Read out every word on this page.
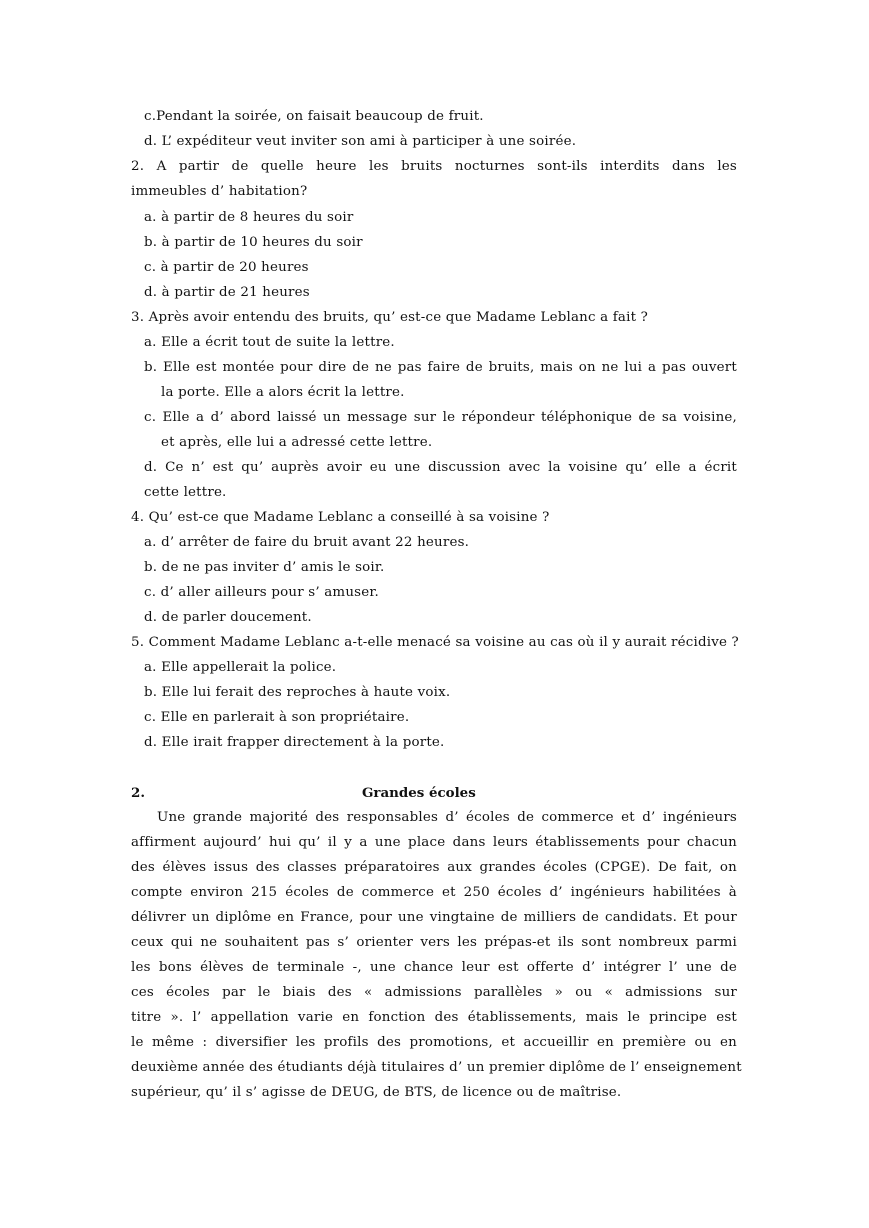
c.Pendant la soirée, on faisait beaucoup de fruit.
d. L’ expéditeur veut inviter son ami à participer à une soirée.
2. A partir de quelle heure les bruits nocturnes sont-ils interdits dans les
immeubles d’ habitation?
a. à partir de 8 heures du soir
b. à partir de 10 heures du soir
c. à partir de 20 heures
d. à partir de 21 heures
3. Après avoir entendu des bruits, qu’ est-ce que Madame Leblanc a fait ?
a. Elle a écrit tout de suite la lettre.
b. Elle est montée pour dire de ne pas faire de bruits, mais on ne lui a pas ouvert
la porte. Elle a alors écrit la lettre.
c. Elle a d’ abord laissé un message sur le répondeur téléphonique de sa voisine,
et après, elle lui a adressé cette lettre.
d. Ce n’ est qu’ auprès avoir eu une discussion avec la voisine qu’ elle a écrit
cette lettre.
4. Qu’ est-ce que Madame Leblanc a conseillé à sa voisine ?
a. d’ arrêter de faire du bruit avant 22 heures.
b. de ne pas inviter d’ amis le soir.
c. d’ aller ailleurs pour s’ amuser.
d. de parler doucement.
5. Comment Madame Leblanc a-t-elle menacé sa voisine au cas où il y aurait récidive ?
a. Elle appellerait la police.
b. Elle lui ferait des reproches à haute voix.
c. Elle en parlerait à son propriétaire.
d. Elle irait frapper directement à la porte.
2.	Grandes écoles
Une grande majorité des responsables d’ écoles de commerce et d’ ingénieurs
affirment aujourd’ hui qu’ il y a une place dans leurs établissements pour chacun
des élèves issus des classes préparatoires aux grandes écoles (CPGE). De fait, on
compte environ 215 écoles de commerce et 250 écoles d’ ingénieurs habilitées à
délivrer un diplôme en France, pour une vingtaine de milliers de candidats. Et pour
ceux qui ne souhaitent pas s’ orienter vers les prépas-et ils sont nombreux parmi
les bons élèves de terminale -, une chance leur est offerte d’ intégrer l’ une de
ces écoles par le biais des « admissions parallèles » ou « admissions sur
titre ». l’ appellation varie en fonction des établissements, mais le principe est
le même : diversifier les profils des promotions, et accueillir en première ou en
deuxième année des étudiants déjà titulaires d’ un premier diplôme de l’ enseignement
supérieur, qu’ il s’ agisse de DEUG, de BTS, de licence ou de maîtrise.
